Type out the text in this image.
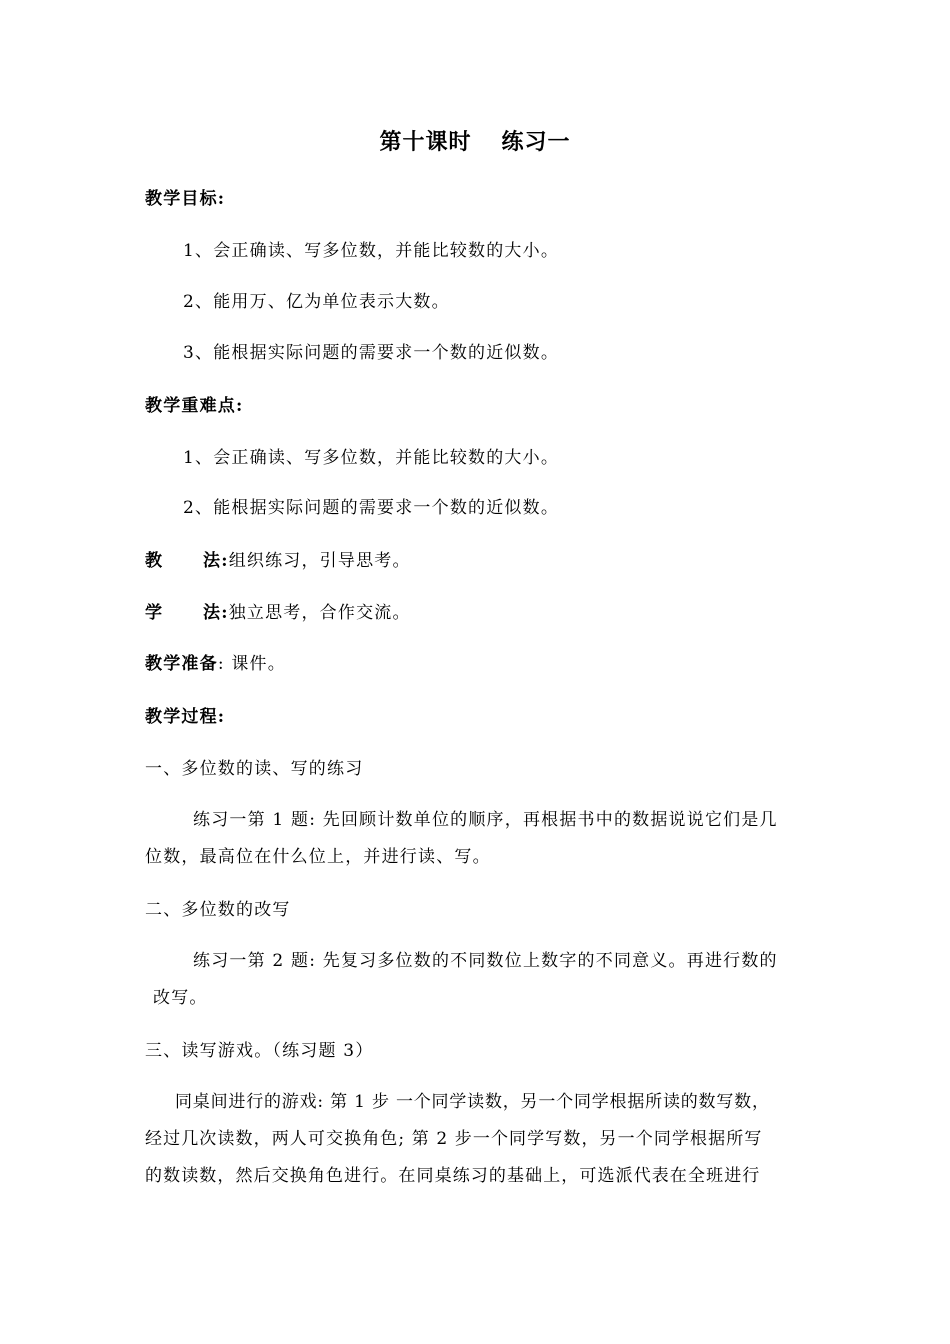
第十课时 练习一
教学目标:
1、会正确读、写多位数，并能比较数的大小。
2、能用万、亿为单位表示大数。
3、能根据实际问题的需要求一个数的近似数。
教学重难点:
1、会正确读、写多位数，并能比较数的大小。
2、能根据实际问题的需要求一个数的近似数。
教 法:组织练习，引导思考。
学 法:独立思考，合作交流。
教学准备: 课件。
教学过程:
一、多位数的读、写的练习
练习一第 1 题: 先回顾计数单位的顺序，再根据书中的数据说说它们是几
位数，最高位在什么位上，并进行读、写。
二、多位数的改写
练习一第 2 题: 先复习多位数的不同数位上数字的不同意义。再进行数的
改写。
三、读写游戏。（练习题 3）
同桌间进行的游戏: 第 1 步 一个同学读数，另一个同学根据所读的数写数，
经过几次读数，两人可交换角色; 第 2 步一个同学写数，另一个同学根据所写
的数读数，然后交换角色进行。在同桌练习的基础上，可选派代表在全班进行
